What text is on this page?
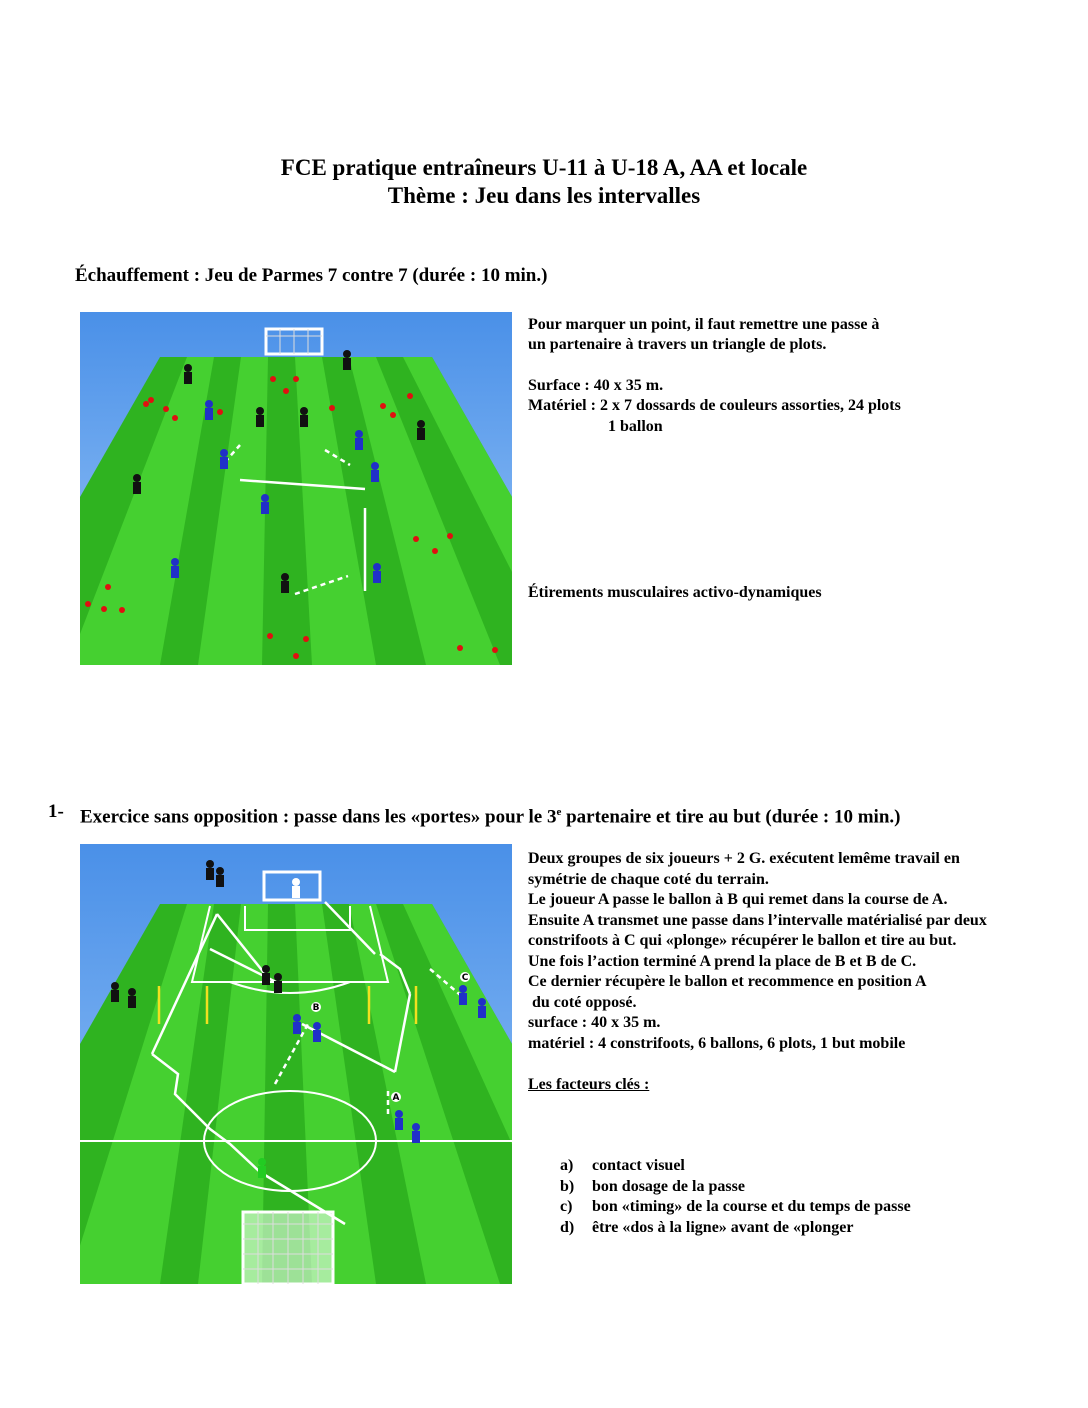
FCE pratique entraîneurs U-11 à U-18 A, AA et locale
Thème : Jeu dans les intervalles
Échauffement : Jeu de Parmes 7 contre 7 (durée : 10 min.)
Pour marquer un point, il faut remettre une passe à
un partenaire à travers un triangle de plots.
Surface : 40 x 35 m.
Matériel : 2 x 7 dossards de couleurs assorties, 24 plots
1 ballon
Étirements musculaires activo-dynamiques
1- Exercice sans opposition : passe dans les «portes» pour le 3e partenaire et tire au but (durée : 10 min.)
A
B
C
Deux groupes de six joueurs + 2 G. exécutent lemême travail en
symétrie de chaque coté du terrain.
Le joueur A passe le ballon à B qui remet dans la course de A.
Ensuite A transmet une passe dans l’intervalle matérialisé par deux
constrifoots à C qui «plonge» récupérer le ballon et tire au but.
Une fois l’action terminé A prend la place de B et B de C.
Ce dernier récupère le ballon et recommence en position A
du coté opposé.
surface : 40 x 35 m.
matériel : 4 constrifoots, 6 ballons, 6 plots, 1 but mobile
Les facteurs clés :
a)	contact visuel
b)	bon dosage de la passe
c)	bon «timing» de la course et du temps de passe
d)	être «dos à la ligne» avant de «plonger
